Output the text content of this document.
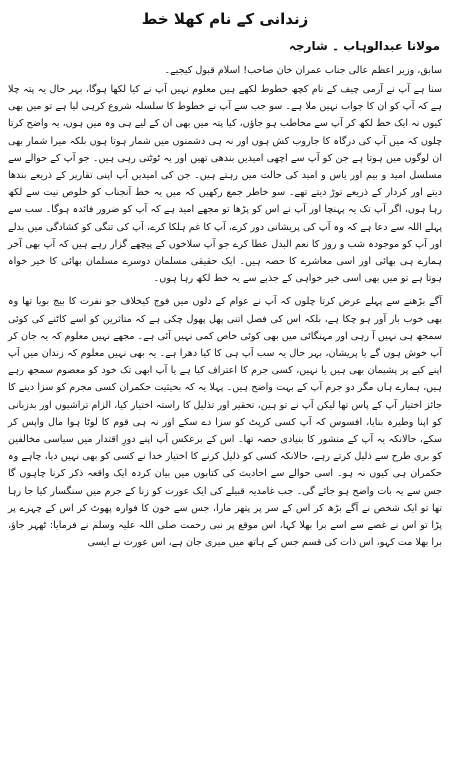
زندانی کے نام کھلا خط
مولانا عبدالوہاب ۔ شارجہ
سابق، وزیر اعظم عالی جناب عمران خان صاحب! اسلام قبول کیجیے۔
سنا ہے آپ نے آرمی چیف کے نام کچھ خطوط لکھے ہیں معلوم نہیں آپ نے کیا لکھا ہوگا، بہر حال یہ پتہ چلا ہے کہ آپ کو ان کا جواب نہیں ملا ہے۔ سو جب سے آپ نے خطوط کا سلسلہ شروع کرہی لیا ہے تو میں بھی کیوں نہ ایک خط لکھ کر آپ سے مخاطب ہو جاؤں، کیا پتہ میں بھی ان کے لیے ہی وہ میں ہوں، یہ واضح کرتا چلوں کہ میں آپ کی درگاہ کا جاروب کش ہوں اور نہ ہی دشمنوں میں شمار ہوتا ہوں بلکہ میرا شمار بھی ان لوگوں میں ہوتا ہے جن کو آپ سے اچھی امیدیں بندھی تھیں اور یہ ٹوٹتی رہی ہیں۔ جو آپ کے حوالے سے مسلسل امید و بیم اور یاس و امید کی حالت میں رہتے ہیں۔ جن کی امیدیں آپ اپنی تقاریر کے ذریعے بندھا دیتے اور کردار کے ذریعے توڑ دیتے تھے۔ سو خاطر جمع رکھیں کہ میں یہ خط آنجناب کو خلوص نیت سے لکھ رہا ہوں، اگر آپ تک یہ پہنچا اور آپ نے اس کو پڑھا تو مجھے امید ہے کہ آپ کو ضرور فائدہ ہوگا۔ سب سے پہلے اللہ سے دعا ہے کہ وہ آپ کی پریشانی دور کرے، آپ کا غم ہلکا کرے، آپ کی تنگی کو کشادگی میں بدلے اور آپ کو موجودہ شب و روز کا نعم البدل عطا کرے جو آپ سلاخوں کے پیچھے گزار رہے ہیں کہ آپ بھی آخر ہمارے ہی بھائی اور اسی معاشرے کا حصہ ہیں۔ ایک حقیقی مسلمان دوسرے مسلمان بھائی کا خیر خواہ ہوتا ہے تو میں بھی اسی خیر خواہی کے جذبے سے یہ خط لکھ رہا ہوں۔
آگے بڑھنے سے پہلے عرض کرتا چلوں کہ آپ نے عوام کے دلوں میں فوج کیخلاف جو نفرت کا بیج بویا تھا وہ بھی خوب بار آور ہو چکا ہے، بلکہ اس کی فصل اتنی پھل پھول چکی ہے کہ متاثرین کو اسے کاٹنے کی کوئی سمجھ ہی نہیں آ رہی اور مہنگائی میں بھی کوئی خاص کمی نہیں آئی ہے۔ مجھے نہیں معلوم کہ یہ جان کر آپ خوش ہوں گے یا پریشان، بہر حال یہ سب آپ ہی کا کیا دھرا ہے۔ یہ بھی نہیں معلوم کہ زندان میں آپ اپنے کیے پر پشیمان بھی ہیں یا نہیں، کسی جرم کا اعتراف کیا ہے یا آپ ابھی تک خود کو معصوم سمجھ رہے ہیں، ہمارے ہاں مگر دو جرم آپ کے بہت واضح ہیں۔ پہلا یہ کہ بحیثیت حکمران کسی مجرم کو سزا دینے کا جائز اختیار آپ کے پاس تھا لیکن آپ نے تو ہین، تحقیر اور تذلیل کا راستہ اختیار کیا، الزام تراشیوں اور بدزبانی کو اپنا وطیرہ بنایا، افسوس کہ آپ کسی کرپٹ کو سزا دے سکے اور نہ ہی قوم کا لوٹا ہوا مال واپس کر سکے، حالانکہ یہ آپ کے منشور کا بنیادی حصہ تھا۔ اس کے برعکس آپ اپنے دورِ اقتدار میں سیاسی مخالفین کو بری طرح سے ذلیل کرتے رہے، حالانکہ کسی کو ذلیل کرنے کا اختیار خدا نے کسی کو بھی نہیں دیا، چاہے وہ حکمران ہی کیوں نہ ہو۔ اسی حوالے سے احادیث کی کتابوں میں بیان کردہ ایک واقعہ ذکر کرنا چاہوں گا جس سے یہ بات واضح ہو جائے گی۔ جب غامدیہ قبیلے کی ایک عورت کو زنا کے جرم میں سنگسار کیا جا رہا تھا تو ایک شخص نے آگے بڑھ کر اس کے سر پر پتھر مارا، جس سے خون کا فوارہ پھوٹ کر اس کے چہرے پر پڑا تو اس نے غصے سے اسے برا بھلا کہا، اس موقع پر نبی رحمت صلی اللہ علیہ وسلم نے فرمایا: ٹھہر جاؤ، برا بھلا مت کہو، اس ذات کی قسم جس کے ہاتھ میں میری جان ہے، اس عورت نے ایسی
